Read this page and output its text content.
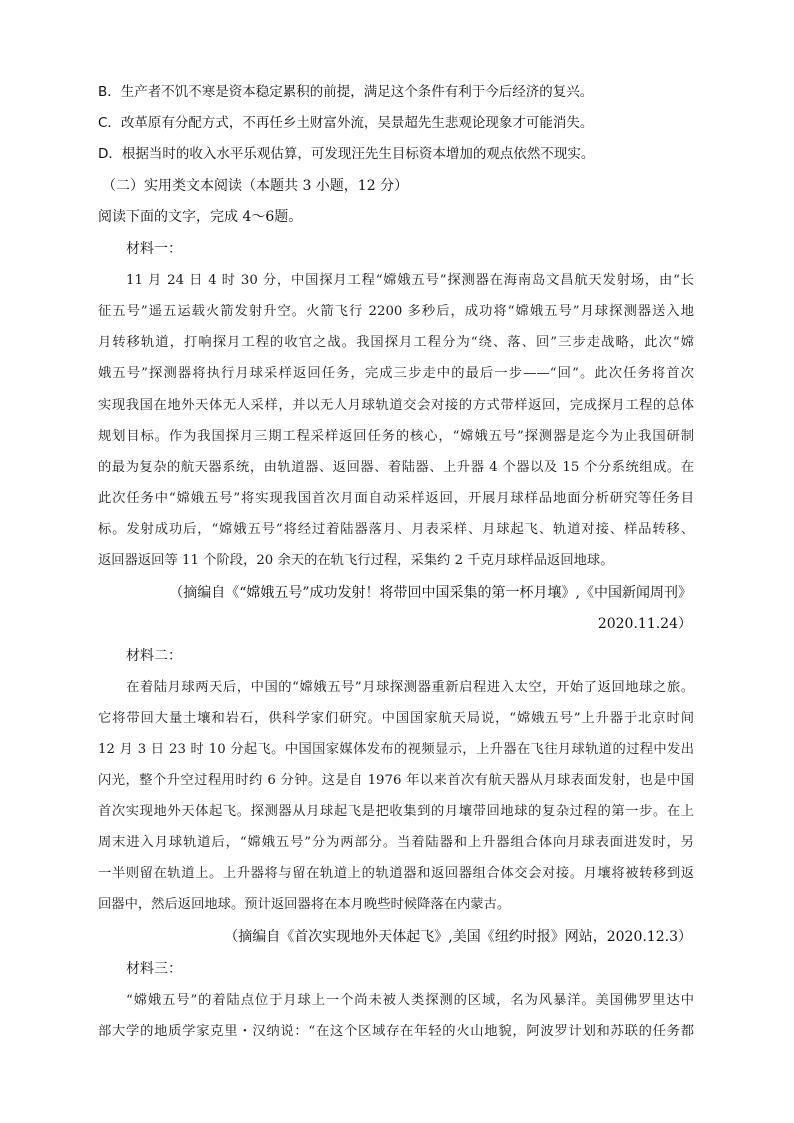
B．生产者不饥不寒是资本稳定累积的前提，满足这个条件有利于今后经济的复兴。
C．改革原有分配方式，不再任乡土财富外流，吴景超先生悲观论现象才可能消失。
D．根据当时的收入水平乐观估算，可发现汪先生目标资本增加的观点依然不现实。
（二）实用类文本阅读（本题共 3 小题，12 分）
阅读下面的文字，完成 4～6题。
材料一：
11 月 24 日 4 时 30 分，中国探月工程“嫦娥五号”探测器在海南岛文昌航天发射场，由“长
征五号”遥五运载火箭发射升空。火箭飞行 2200 多秒后，成功将“嫦娥五号”月球探测器送入地
月转移轨道，打响探月工程的收官之战。我国探月工程分为“绕、落、回”三步走战略，此次“嫦
娥五号”探测器将执行月球采样返回任务，完成三步走中的最后一步——“回”。此次任务将首次
实现我国在地外天体无人采样，并以无人月球轨道交会对接的方式带样返回，完成探月工程的总体
规划目标。作为我国探月三期工程采样返回任务的核心，“嫦娥五号”探测器是迄今为止我国研制
的最为复杂的航天器系统，由轨道器、返回器、着陆器、上升器 4 个器以及 15 个分系统组成。在
此次任务中“嫦娥五号”将实现我国首次月面自动采样返回，开展月球样品地面分析研究等任务目
标。发射成功后，“嫦娥五号”将经过着陆器落月、月表采样、月球起飞、轨道对接、样品转移、
返回器返回等 11 个阶段，20 余天的在轨飞行过程，采集约 2 千克月球样品返回地球。
（摘编自《“嫦娥五号”成功发射！将带回中国采集的第一杯月壤》,《中国新闻周刊》
2020.11.24）
材料二：
在着陆月球两天后，中国的“嫦娥五号”月球探测器重新启程进入太空，开始了返回地球之旅。
它将带回大量土壤和岩石，供科学家们研究。中国国家航天局说，“嫦娥五号”上升器于北京时间
12 月 3 日 23 时 10 分起飞。中国国家媒体发布的视频显示，上升器在飞往月球轨道的过程中发出
闪光，整个升空过程用时约 6 分钟。这是自 1976 年以来首次有航天器从月球表面发射，也是中国
首次实现地外天体起飞。探测器从月球起飞是把收集到的月壤带回地球的复杂过程的第一步。在上
周末进入月球轨道后，“嫦娥五号”分为两部分。当着陆器和上升器组合体向月球表面进发时，另
一半则留在轨道上。上升器将与留在轨道上的轨道器和返回器组合体交会对接。月壤将被转移到返
回器中，然后返回地球。预计返回器将在本月晚些时候降落在内蒙古。
（摘编自《首次实现地外天体起飞》,美国《纽约时报》网站，2020.12.3）
材料三：
“嫦娥五号”的着陆点位于月球上一个尚未被人类探测的区域，名为风暴洋。美国佛罗里达中
部大学的地质学家克里・汉纳说：“在这个区域存在年轻的火山地貌，阿波罗计划和苏联的任务都
